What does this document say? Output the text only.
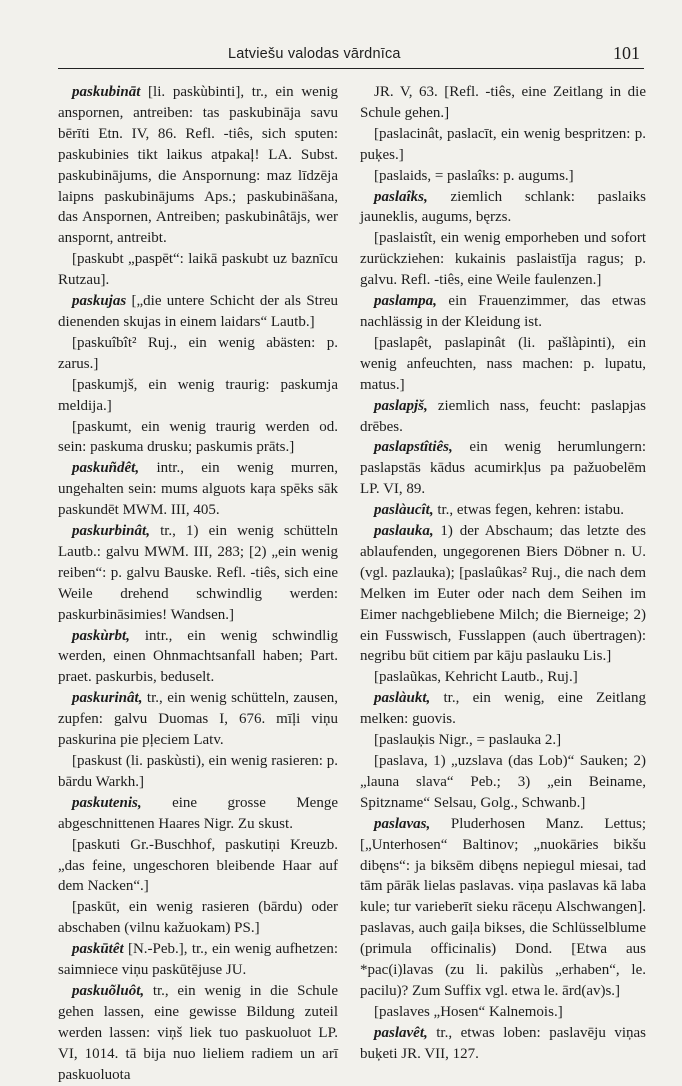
Latviešu valodas vārdnīca	101

paskubināt [li. paskùbinti], tr., ein wenig anspornen, antreiben: tas paskubināja savu bērīti Etn. IV, 86. Refl. -tiês, sich sputen: paskubinies tikt laikus atpakaļ! LA. Subst. paskubinājums, die Anspornung: maz līdzēja laipns paskubinājums Aps.; paskubināšana, das Anspornen, Antreiben; paskubinâtājs, wer anspornt, antreibt.

[paskubt „paspēt“: laikā paskubt uz baznīcu Rutzau].

paskujas [„die untere Schicht der als Streu dienenden skujas in einem laidars“ Lautb.]

[paskuîbît² Ruj., ein wenig abästen: p. zarus.]

[paskumjš, ein wenig traurig: paskumja meldija.]

[paskumt, ein wenig traurig werden od. sein: paskuma drusku; paskumis prāts.]

paskuñdêt, intr., ein wenig murren, ungehalten sein: mums alguots kaŗa spēks sāk paskundēt MWM. III, 405.

paskurbinât, tr., 1) ein wenig schütteln Lautb.: galvu MWM. III, 283; [2) „ein wenig reiben“: p. galvu Bauske. Refl. -tiês, sich eine Weile drehend schwindlig werden: paskurbināsimies! Wandsen.]

paskùrbt, intr., ein wenig schwindlig werden, einen Ohnmachtsanfall haben; Part. praet. paskurbis, beduselt.

paskurinât, tr., ein wenig schütteln, zausen, zupfen: galvu Duomas I, 676. mīļi viņu paskurina pie pļeciem Latv.

[paskust (li. paskùsti), ein wenig rasieren: p. bārdu Warkh.]

paskutenis, eine grosse Menge abgeschnittenen Haares Nigr. Zu skust.

[paskuti Gr.-Buschhof, paskutiņi Kreuzb. „das feine, ungeschoren bleibende Haar auf dem Nacken“.]

[paskūt, ein wenig rasieren (bārdu) oder abschaben (vilnu kažuokam) PS.]

paskūtêt [N.-Peb.], tr., ein wenig aufhetzen: saimniece viņu paskūtējuse JU.

paskuõluôt, tr., ein wenig in die Schule gehen lassen, eine gewisse Bildung zuteil werden lassen: viņš liek tuo paskuoluot LP. VI, 1014. tā bija nuo lieliem radiem un arī paskuoluota

JR. V, 63. [Refl. -tiês, eine Zeitlang in die Schule gehen.]

[paslacinât, paslacīt, ein wenig bespritzen: p. puķes.]

[paslaids, = paslaîks: p. augums.]

paslaîks, ziemlich schlank: paslaiks jauneklis, augums, bęrzs.

[paslaistît, ein wenig emporheben und sofort zurückziehen: kukainis paslaistīja ragus; p. galvu. Refl. -tiês, eine Weile faulenzen.]

paslampa, ein Frauenzimmer, das etwas nachlässig in der Kleidung ist.

[paslapêt, paslapinât (li. pašlàpinti), ein wenig anfeuchten, nass machen: p. lupatu, matus.]

paslapjš, ziemlich nass, feucht: paslapjas drēbes.

paslapstîtiês, ein wenig herumlungern: paslapstās kādus acumirkļus pa pažuobelēm LP. VI, 89.

paslàucît, tr., etwas fegen, kehren: istabu.

paslauka, 1) der Abschaum; das letzte des ablaufenden, ungegorenen Biers Döbner n. U. (vgl. pazlauka); [paslaûkas² Ruj., die nach dem Melken im Euter oder nach dem Seihen im Eimer nachgebliebene Milch; die Bierneige; 2) ein Fusswisch, Fusslappen (auch übertragen): negribu būt citiem par kāju paslauku Lis.]

[paslaũkas, Kehricht Lautb., Ruj.]

paslàukt, tr., ein wenig, eine Zeitlang melken: guovis.

[paslauķis Nigr., = paslauka 2.]

[paslava, 1) „uzslava (das Lob)“ Sauken; 2) „launa slava“ Peb.; 3) „ein Beiname, Spitzname“ Selsau, Golg., Schwanb.]

paslavas, Pluderhosen Manz. Lettus; [„Unterhosen“ Baltinov; „nuokāries bikšu dibęns“: ja biksēm dibęns nepiegul miesai, tad tām pārāk lielas paslavas. viņa paslavas kā laba kule; tur varieberīt sieku rāceņu Alschwangen]. paslavas, auch gaiļa bikses, die Schlüsselblume (primula officinalis) Dond. [Etwa aus *pac(i)lavas (zu li. pakilùs „erhaben“, le. pacilu)? Zum Suffix vgl. etwa le. ārd(av)s.]

[paslaves „Hosen“ Kalnemois.]

paslavêt, tr., etwas loben: paslavēju viņas buķeti JR. VII, 127.
